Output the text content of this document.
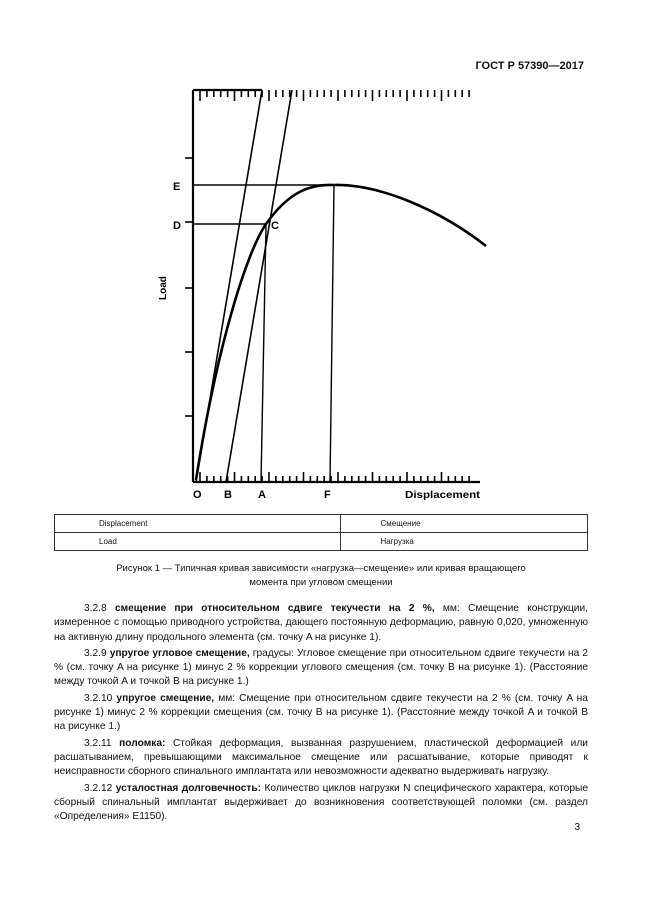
ГОСТ Р 57390—2017
E
D	C
O B A	F	Displacement
Load
Displacement	Смещение
Load	Нагрузка
Рисунок 1 — Типичная кривая зависимости «нагрузка—смещение» или кривая вращающего
момента при угловом смещении

3.2.8 смещение при относительном сдвиге текучести на 2 %, мм: Смещение конструкции, измеренное с помощью приводного устройства, дающего постоянную деформацию, равную 0,020, умноженную на активную длину продольного элемента (см. точку A на рисунке 1).

3.2.9 упругое угловое смещение, градусы: Угловое смещение при относительном сдвиге текучести на 2 % (см. точку A на рисунке 1) минус 2 % коррекции углового смещения (см. точку B на рисунке 1). (Расстояние между точкой A и точкой B на рисунке 1.)

3.2.10 упругое смещение, мм: Смещение при относительном сдвиге текучести на 2 % (см. точку A на рисунке 1) минус 2 % коррекции смещения (см. точку B на рисунке 1). (Расстояние между точкой A и точкой B на рисунке 1.)

3.2.11 поломка: Стойкая деформация, вызванная разрушением, пластической деформацией или расшатыванием, превышающими максимальное смещение или расшатывание, которые приводят к неисправности сборного спинального имплантата или невозможности адекватно выдерживать нагрузку.

3.2.12 усталостная долговечность: Количество циклов нагрузки N специфического характера, которые сборный спинальный имплантат выдерживает до возникновения соответствующей поломки (см. раздел «Определения» E1150).

3
